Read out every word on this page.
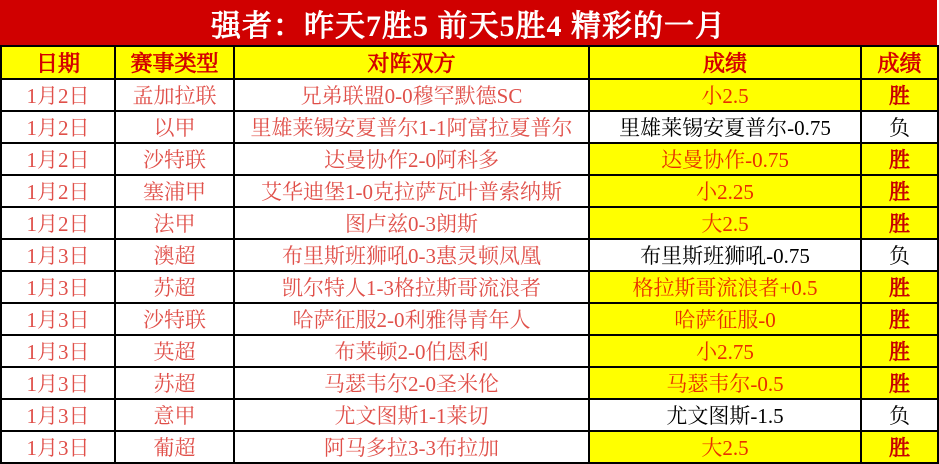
强者：昨天7胜5 前天5胜4 精彩的一月
日期	赛事类型	对阵双方	成绩	成绩
1月2日	孟加拉联	兄弟联盟0-0穆罕默德SC	小2.5	胜
1月2日	以甲	里雄莱锡安夏普尔1-1阿富拉夏普尔	里雄莱锡安夏普尔-0.75	负
1月2日	沙特联	达曼协作2-0阿科多	达曼协作-0.75	胜
1月2日	塞浦甲	艾华迪堡1-0克拉萨瓦叶普索纳斯	小2.25	胜
1月2日	法甲	图卢兹0-3朗斯	大2.5	胜
1月3日	澳超	布里斯班狮吼0-3惠灵顿凤凰	布里斯班狮吼-0.75	负
1月3日	苏超	凯尔特人1-3格拉斯哥流浪者	格拉斯哥流浪者+0.5	胜
1月3日	沙特联	哈萨征服2-0利雅得青年人	哈萨征服-0	胜
1月3日	英超	布莱顿2-0伯恩利	小2.75	胜
1月3日	苏超	马瑟韦尔2-0圣米伦	马瑟韦尔-0.5	胜
1月3日	意甲	尤文图斯1-1莱切	尤文图斯-1.5	负
1月3日	葡超	阿马多拉3-3布拉加	大2.5	胜
